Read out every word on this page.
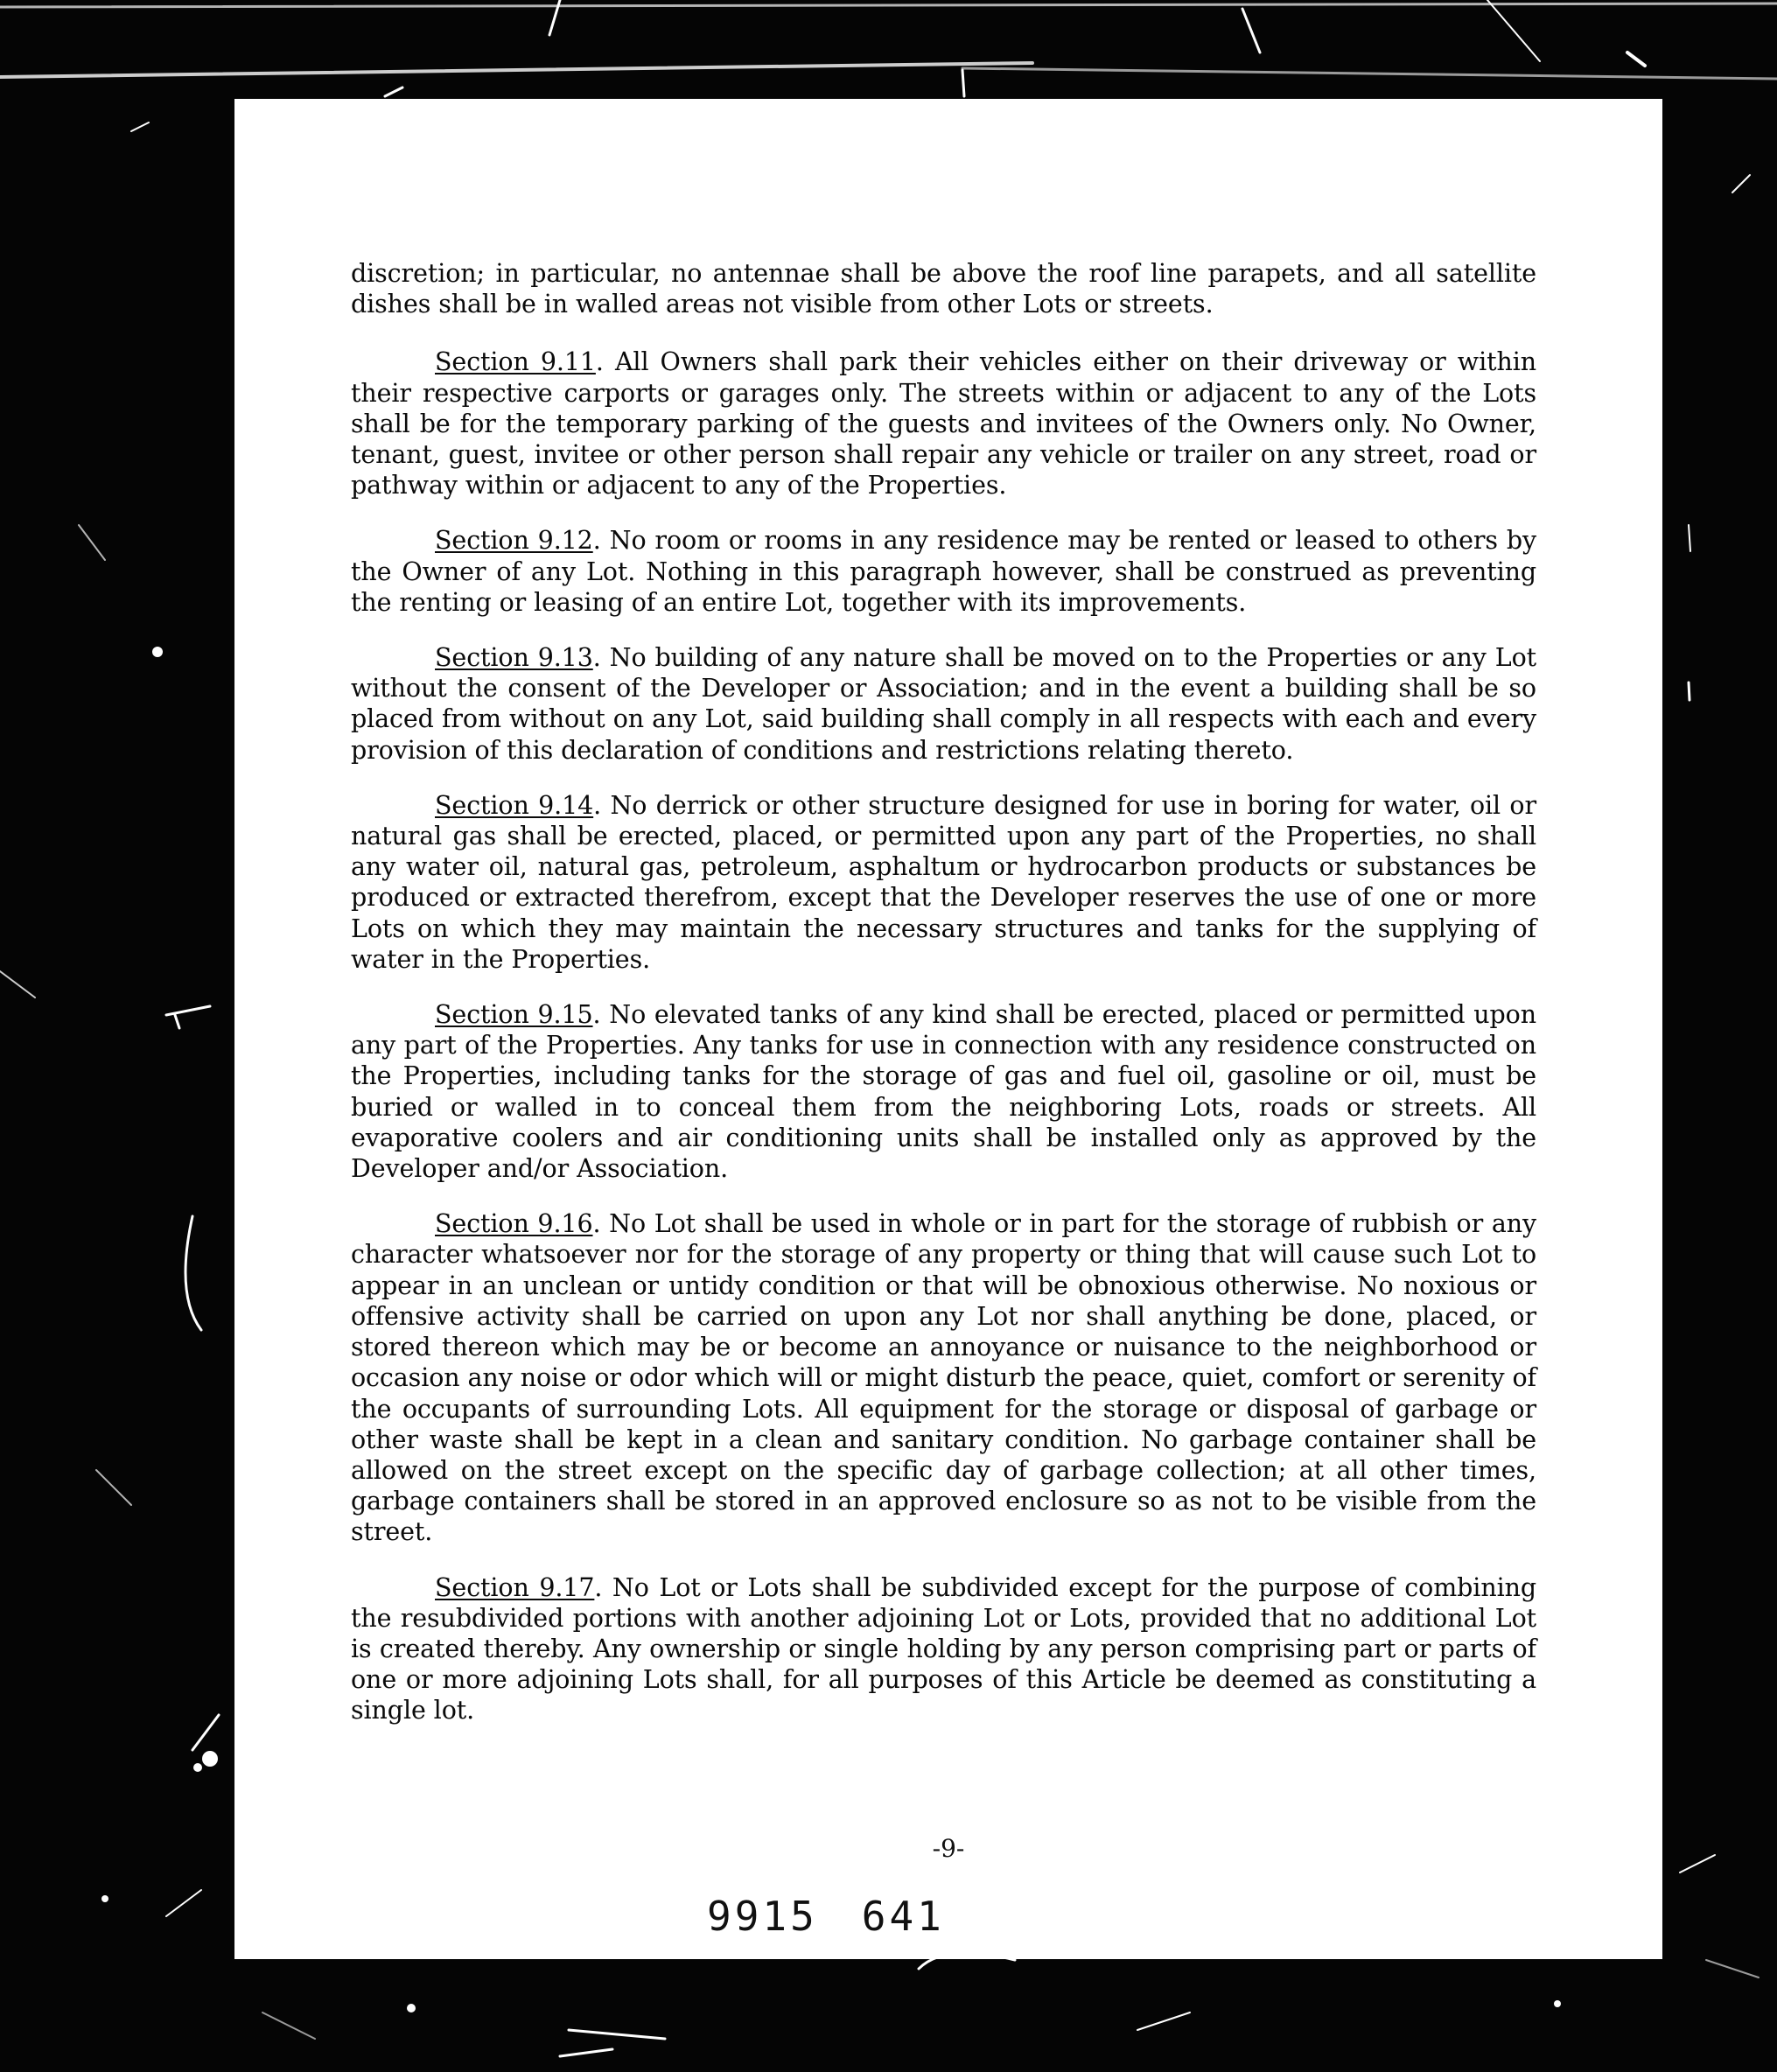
discretion; in particular, no antennae shall be above the roof line parapets, and all satellite dishes shall be in walled areas not visible from other Lots or streets.

Section 9.11. All Owners shall park their vehicles either on their driveway or within their respective carports or garages only. The streets within or adjacent to any of the Lots shall be for the temporary parking of the guests and invitees of the Owners only. No Owner, tenant, guest, invitee or other person shall repair any vehicle or trailer on any street, road or pathway within or adjacent to any of the Properties.

Section 9.12. No room or rooms in any residence may be rented or leased to others by the Owner of any Lot. Nothing in this paragraph however, shall be construed as preventing the renting or leasing of an entire Lot, together with its improvements.

Section 9.13. No building of any nature shall be moved on to the Properties or any Lot without the consent of the Developer or Association; and in the event a building shall be so placed from without on any Lot, said building shall comply in all respects with each and every provision of this declaration of conditions and restrictions relating thereto.

Section 9.14. No derrick or other structure designed for use in boring for water, oil or natural gas shall be erected, placed, or permitted upon any part of the Properties, no shall any water oil, natural gas, petroleum, asphaltum or hydrocarbon products or substances be produced or extracted therefrom, except that the Developer reserves the use of one or more Lots on which they may maintain the necessary structures and tanks for the supplying of water in the Properties.

Section 9.15. No elevated tanks of any kind shall be erected, placed or permitted upon any part of the Properties. Any tanks for use in connection with any residence constructed on the Properties, including tanks for the storage of gas and fuel oil, gasoline or oil, must be buried or walled in to conceal them from the neighboring Lots, roads or streets. All evaporative coolers and air conditioning units shall be installed only as approved by the Developer and/or Association.

Section 9.16. No Lot shall be used in whole or in part for the storage of rubbish or any character whatsoever nor for the storage of any property or thing that will cause such Lot to appear in an unclean or untidy condition or that will be obnoxious otherwise. No noxious or offensive activity shall be carried on upon any Lot nor shall anything be done, placed, or stored thereon which may be or become an annoyance or nuisance to the neighborhood or occasion any noise or odor which will or might disturb the peace, quiet, comfort or serenity of the occupants of surrounding Lots. All equipment for the storage or disposal of garbage or other waste shall be kept in a clean and sanitary condition. No garbage container shall be allowed on the street except on the specific day of garbage collection; at all other times, garbage containers shall be stored in an approved enclosure so as not to be visible from the street.

Section 9.17. No Lot or Lots shall be subdivided except for the purpose of combining the resubdivided portions with another adjoining Lot or Lots, provided that no additional Lot is created thereby. Any ownership or single holding by any person comprising part or parts of one or more adjoining Lots shall, for all purposes of this Article be deemed as constituting a single lot.

-9-
9915 641
